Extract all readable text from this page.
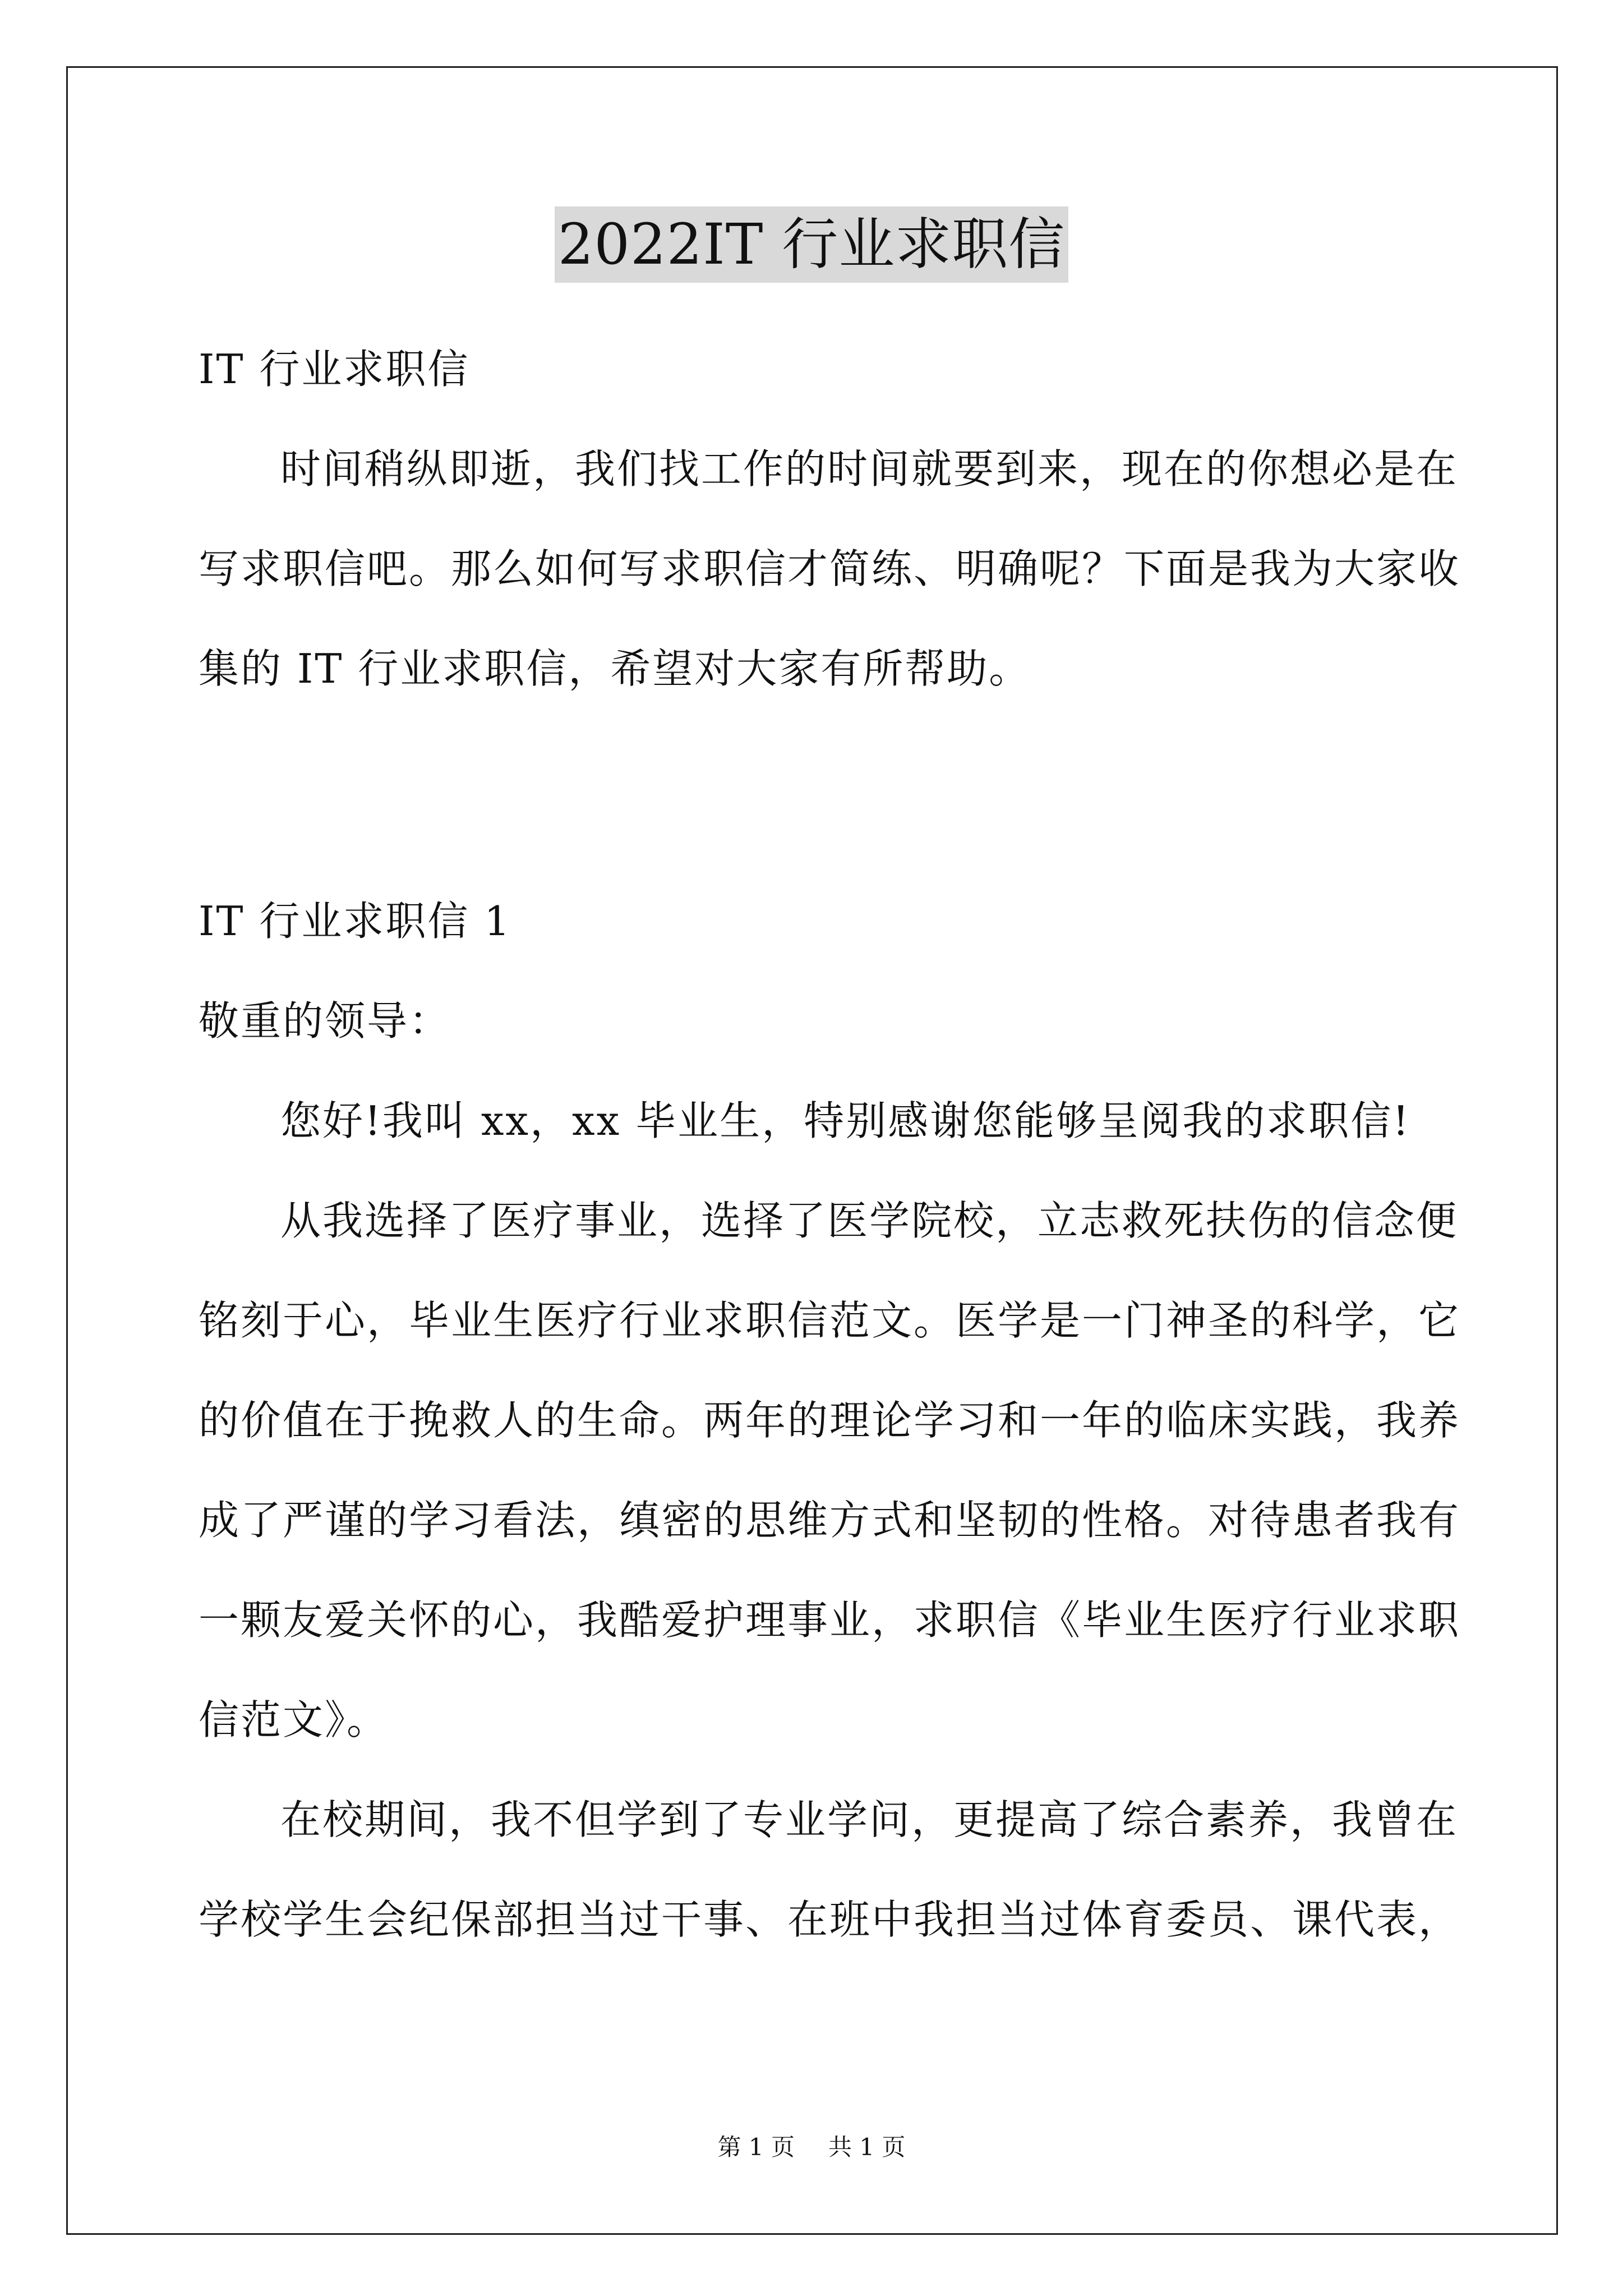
2022IT 行业求职信
IT 行业求职信
时间稍纵即逝，我们找工作的时间就要到来，现在的你想必是在
写求职信吧。那么如何写求职信才简练、明确呢？下面是我为大家收
集的 IT 行业求职信，希望对大家有所帮助。
IT 行业求职信 1
敬重的领导：
您好!我叫 xx，xx 毕业生，特别感谢您能够呈阅我的求职信!
从我选择了医疗事业，选择了医学院校，立志救死扶伤的信念便
铭刻于心，毕业生医疗行业求职信范文。医学是一门神圣的科学，它
的价值在于挽救人的生命。两年的理论学习和一年的临床实践，我养
成了严谨的学习看法，缜密的思维方式和坚韧的性格。对待患者我有
一颗友爱关怀的心，我酷爱护理事业，求职信《毕业生医疗行业求职
信范文》。
在校期间，我不但学到了专业学问，更提高了综合素养，我曾在
学校学生会纪保部担当过干事、在班中我担当过体育委员、课代表，
第 1 页 共 1 页
